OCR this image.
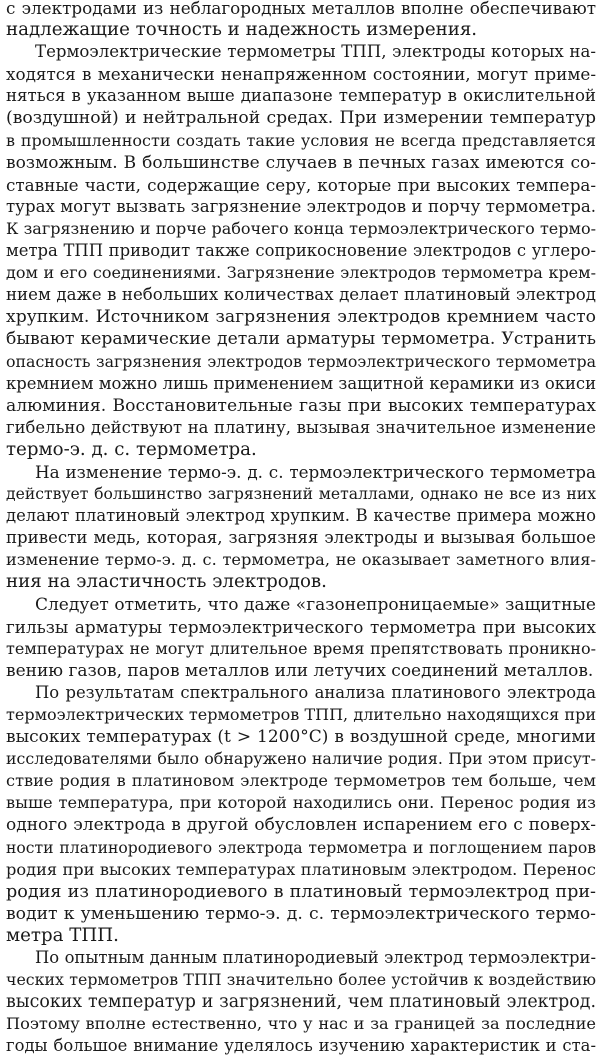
с электродами из неблагородных металлов вполне обеспечивают
надлежащие точность и надежность измерения.
Термоэлектрические термометры ТПП, электроды которых на-
ходятся в механически ненапряженном состоянии, могут приме-
няться в указанном выше диапазоне температур в окислительной
(воздушной) и нейтральной средах. При измерении температур
в промышленности создать такие условия не всегда представляется
возможным. В большинстве случаев в печных газах имеются со-
ставные части, содержащие серу, которые при высоких темпера-
турах могут вызвать загрязнение электродов и порчу термометра.
К загрязнению и порче рабочего конца термоэлектрического термо-
метра ТПП приводит также соприкосновение электродов с углеро-
дом и его соединениями. Загрязнение электродов термометра крем-
нием даже в небольших количествах делает платиновый электрод
хрупким. Источником загрязнения электродов кремнием часто
бывают керамические детали арматуры термометра. Устранить
опасность загрязнения электродов термоэлектрического термометра
кремнием можно лишь применением защитной керамики из окиси
алюминия. Восстановительные газы при высоких температурах
гибельно действуют на платину, вызывая значительное изменение
термо-э. д. с. термометра.
На изменение термо-э. д. с. термоэлектрического термометра
действует большинство загрязнений металлами, однако не все из них
делают платиновый электрод хрупким. В качестве примера можно
привести медь, которая, загрязняя электроды и вызывая большое
изменение термо-э. д. с. термометра, не оказывает заметного влия-
ния на эластичность электродов.
Следует отметить, что даже «газонепроницаемые» защитные
гильзы арматуры термоэлектрического термометра при высоких
температурах не могут длительное время препятствовать проникно-
вению газов, паров металлов или летучих соединений металлов.
По результатам спектрального анализа платинового электрода
термоэлектрических термометров ТПП, длительно находящихся при
высоких температурах (t > 1200°C) в воздушной среде, многими
исследователями было обнаружено наличие родия. При этом присут-
ствие родия в платиновом электроде термометров тем больше, чем
выше температура, при которой находились они. Перенос родия из
одного электрода в другой обусловлен испарением его с поверх-
ности платинородиевого электрода термометра и поглощением паров
родия при высоких температурах платиновым электродом. Перенос
родия из платинородиевого в платиновый термоэлектрод при-
водит к уменьшению термо-э. д. с. термоэлектрического термо-
метра ТПП.
По опытным данным платинородиевый электрод термоэлектри-
ческих термометров ТПП значительно более устойчив к воздействию
высоких температур и загрязнений, чем платиновый электрод.
Поэтому вполне естественно, что у нас и за границей за последние
годы большое внимание уделялось изучению характеристик и ста-
